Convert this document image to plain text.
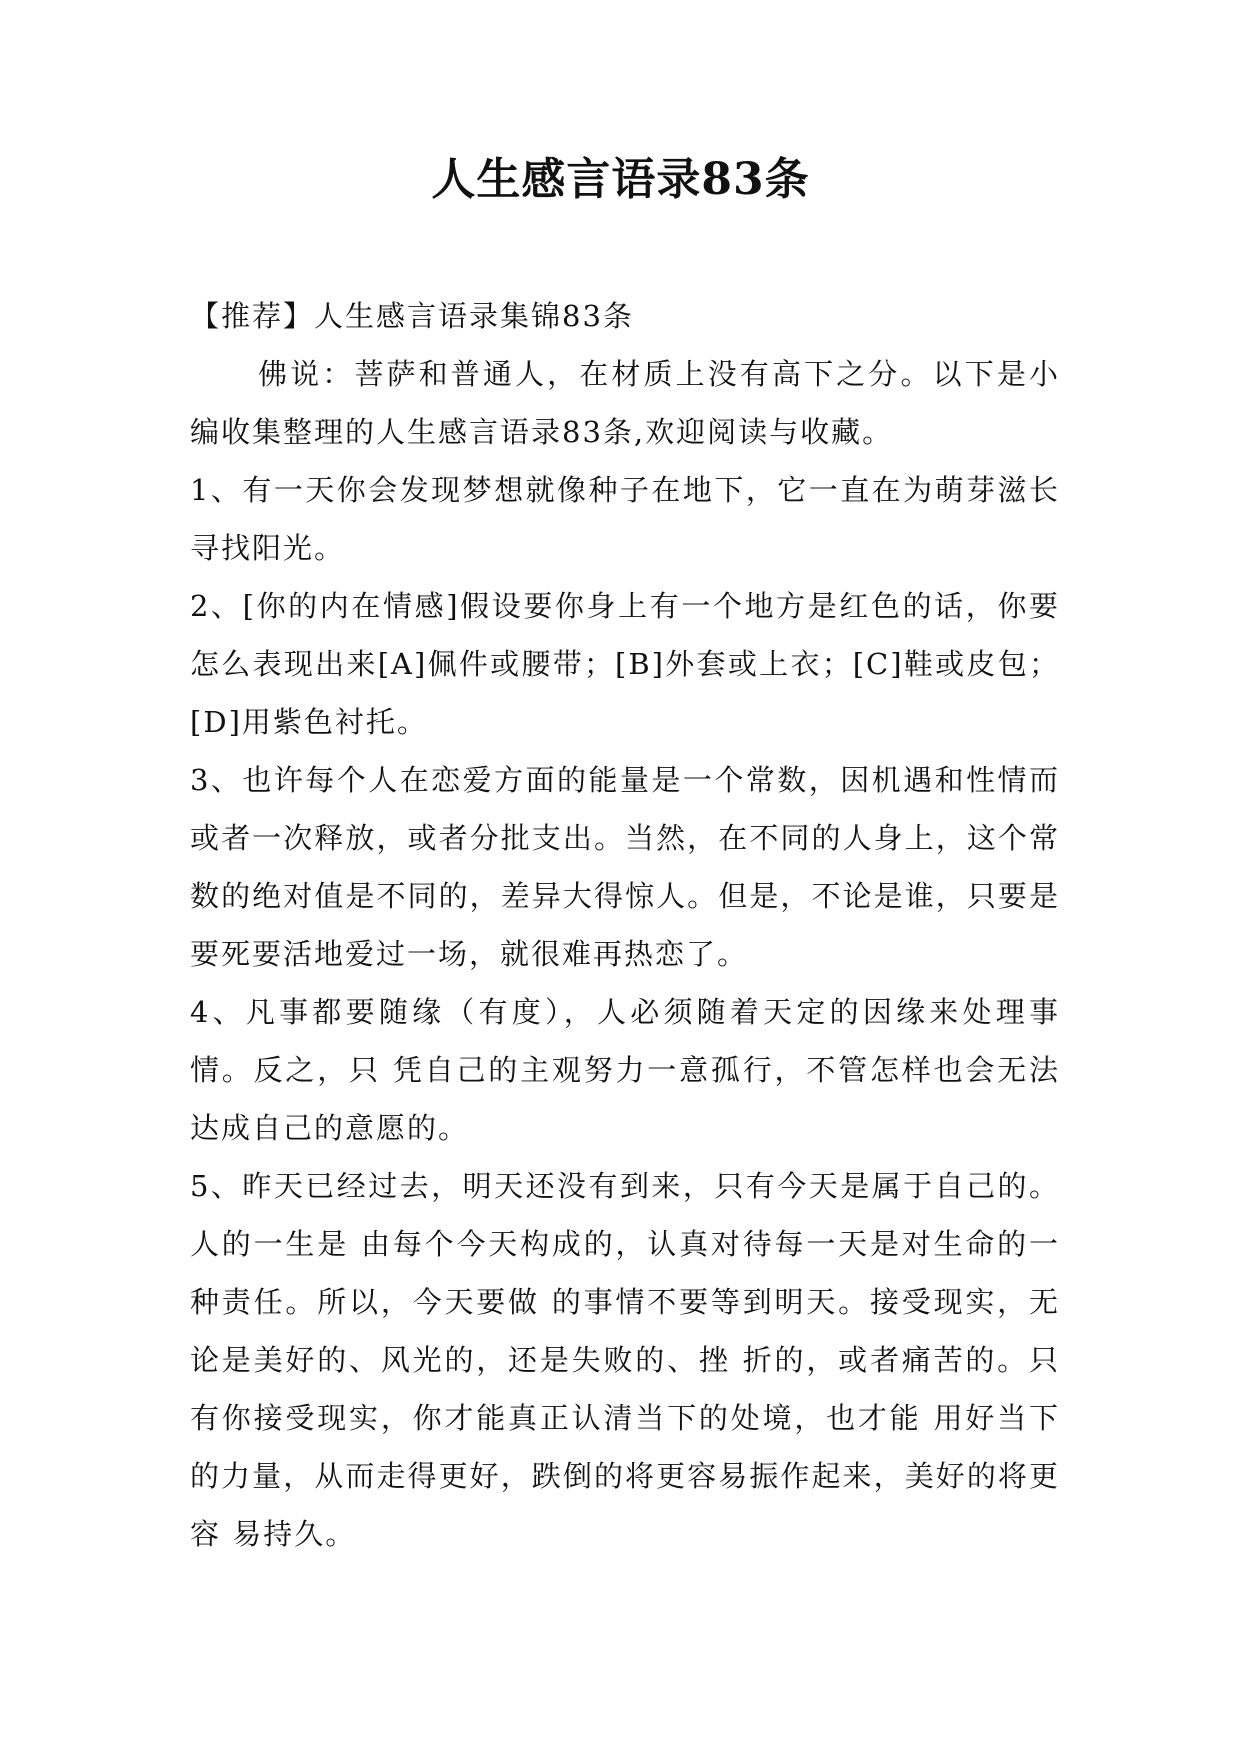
人生感言语录83条

【推荐】人生感言语录集锦83条

佛说：菩萨和普通人，在材质上没有高下之分。以下是小编收集整理的人生感言语录83条,欢迎阅读与收藏。

1、有一天你会发现梦想就像种子在地下，它一直在为萌芽滋长寻找阳光。

2、[你的内在情感]假设要你身上有一个地方是红色的话，你要怎么表现出来[A]佩件或腰带；[B]外套或上衣；[C]鞋或皮包； [D]用紫色衬托。

3、也许每个人在恋爱方面的能量是一个常数，因机遇和性情而或者一次释放，或者分批支出。当然，在不同的人身上，这个常数的绝对值是不同的，差异大得惊人。但是，不论是谁，只要是要死要活地爱过一场，就很难再热恋了。

4、凡事都要随缘（有度），人必须随着天定的因缘来处理事情。反之，只 凭自己的主观努力一意孤行，不管怎样也会无法达成自己的意愿的。

5、昨天已经过去，明天还没有到来，只有今天是属于自己的。人的一生是 由每个今天构成的，认真对待每一天是对生命的一种责任。所以，今天要做 的事情不要等到明天。接受现实，无论是美好的、风光的，还是失败的、挫 折的，或者痛苦的。只有你接受现实，你才能真正认清当下的处境，也才能 用好当下的力量，从而走得更好，跌倒的将更容易振作起来，美好的将更容 易持久。
